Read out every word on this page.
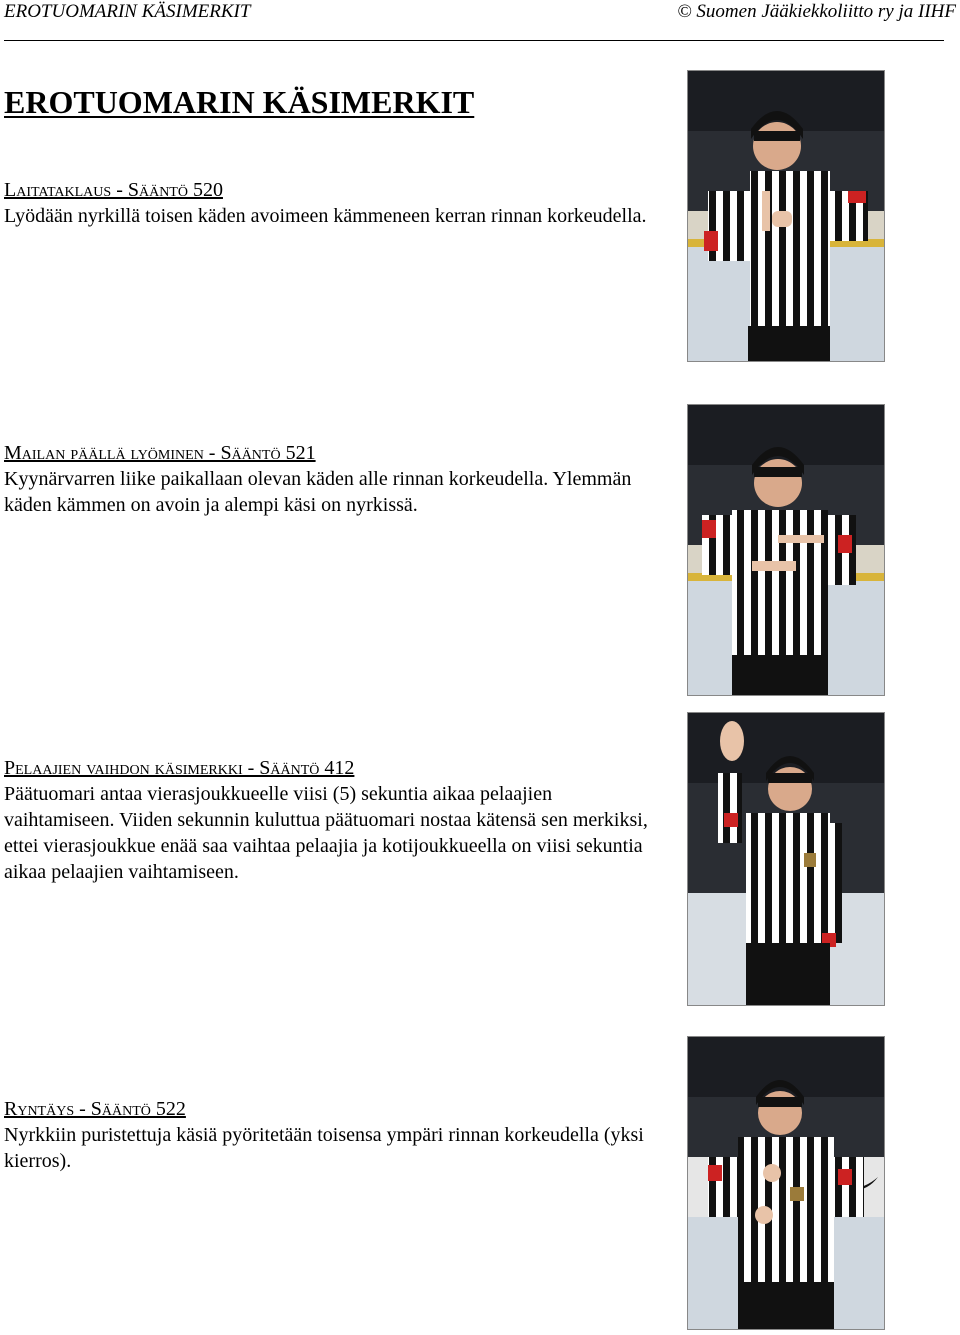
EROTUOMARIN KÄSIMERKIT	© Suomen Jääkiekkoliitto ry ja IIHF
EROTUOMARIN KÄSIMERKIT

Laitataklaus - Sääntö 520

Lyödään nyrkillä toisen käden avoimeen kämmeneen kerran rinnan korkeudella.

Mailan päällä lyöminen - Sääntö 521

Kyynärvarren liike paikallaan olevan käden alle rinnan korkeudella. Ylemmän käden kämmen on avoin ja alempi käsi on nyrkissä.

Pelaajien vaihdon käsimerkki - Sääntö 412

Päätuomari antaa vierasjoukkueelle viisi (5) sekuntia aikaa pelaajien vaihtamiseen. Viiden sekunnin kuluttua päätuomari nostaa kätensä sen merkiksi, ettei vierasjoukkue enää saa vaihtaa pelaajia ja kotijoukkueella on viisi sekuntia aikaa pelaajien vaihtamiseen.

Ryntäys - Sääntö 522

Nyrkkiin puristettuja käsiä pyöritetään toisensa ympäri rinnan korkeudella (yksi kierros).
